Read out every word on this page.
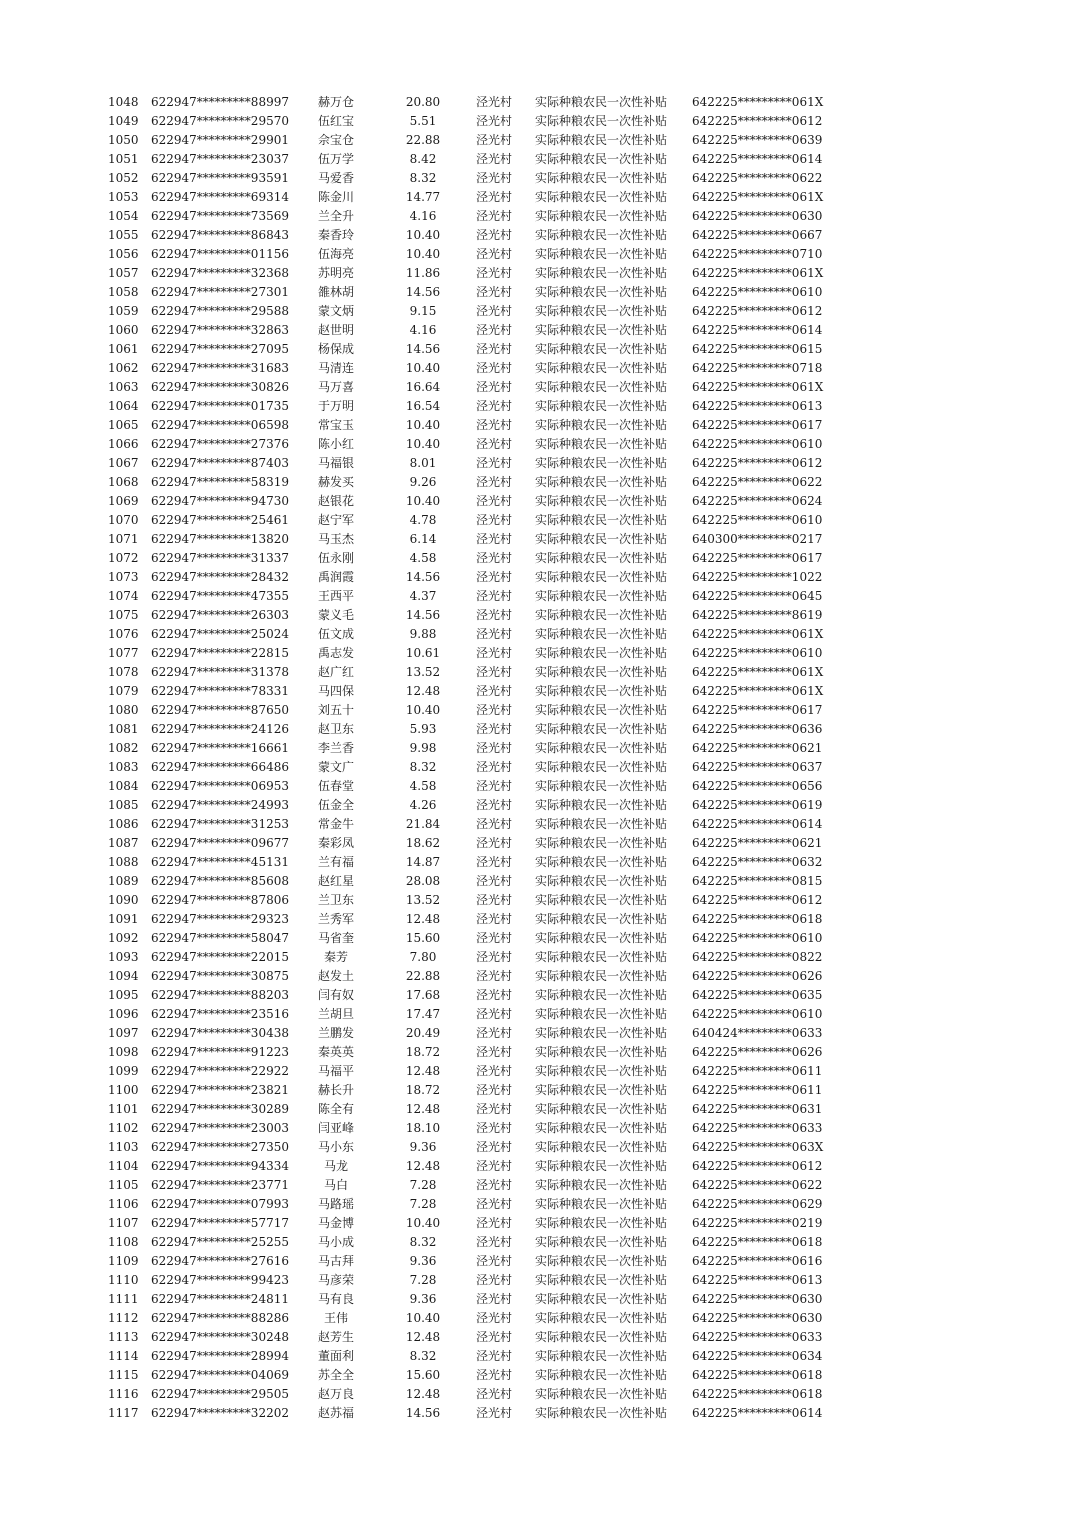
1048 622947*********88997	赫万仓	20.80	泾光村 实际种粮农民一次性补贴 642225*********061X
1049 622947*********29570	伍红宝	5.51	泾光村 实际种粮农民一次性补贴 642225*********0612
1050 622947*********29901	佘宝仓	22.88	泾光村 实际种粮农民一次性补贴 642225*********0639
1051 622947*********23037	伍万学	8.42	泾光村 实际种粮农民一次性补贴 642225*********0614
1052 622947*********93591	马爱香	8.32	泾光村 实际种粮农民一次性补贴 642225*********0622
1053 622947*********69314	陈金川	14.77	泾光村 实际种粮农民一次性补贴 642225*********061X
1054 622947*********73569	兰全升	4.16	泾光村 实际种粮农民一次性补贴 642225*********0630
1055 622947*********86843	秦香玲	10.40	泾光村 实际种粮农民一次性补贴 642225*********0667
1056 622947*********01156	伍海亮	10.40	泾光村 实际种粮农民一次性补贴 642225*********0710
1057 622947*********32368	苏明亮	11.86	泾光村 实际种粮农民一次性补贴 642225*********061X
1058 622947*********27301	雒林胡	14.56	泾光村 实际种粮农民一次性补贴 642225*********0610
1059 622947*********29588	蒙文炳	9.15	泾光村 实际种粮农民一次性补贴 642225*********0612
1060 622947*********32863	赵世明	4.16	泾光村 实际种粮农民一次性补贴 642225*********0614
1061 622947*********27095	杨保成	14.56	泾光村 实际种粮农民一次性补贴 642225*********0615
1062 622947*********31683	马清连	10.40	泾光村 实际种粮农民一次性补贴 642225*********0718
1063 622947*********30826	马万喜	16.64	泾光村 实际种粮农民一次性补贴 642225*********061X
1064 622947*********01735	于万明	16.54	泾光村 实际种粮农民一次性补贴 642225*********0613
1065 622947*********06598	常宝玉	10.40	泾光村 实际种粮农民一次性补贴 642225*********0617
1066 622947*********27376	陈小红	10.40	泾光村 实际种粮农民一次性补贴 642225*********0610
1067 622947*********87403	马福银	8.01	泾光村 实际种粮农民一次性补贴 642225*********0612
1068 622947*********58319	赫发买	9.26	泾光村 实际种粮农民一次性补贴 642225*********0622
1069 622947*********94730	赵银花	10.40	泾光村 实际种粮农民一次性补贴 642225*********0624
1070 622947*********25461	赵宁军	4.78	泾光村 实际种粮农民一次性补贴 642225*********0610
1071 622947*********13820	马玉杰	6.14	泾光村 实际种粮农民一次性补贴 640300*********0217
1072 622947*********31337	伍永刚	4.58	泾光村 实际种粮农民一次性补贴 642225*********0617
1073 622947*********28432	禹润霞	14.56	泾光村 实际种粮农民一次性补贴 642225*********1022
1074 622947*********47355	王西平	4.37	泾光村 实际种粮农民一次性补贴 642225*********0645
1075 622947*********26303	蒙义毛	14.56	泾光村 实际种粮农民一次性补贴 642225*********8619
1076 622947*********25024	伍文成	9.88	泾光村 实际种粮农民一次性补贴 642225*********061X
1077 622947*********22815	禹志发	10.61	泾光村 实际种粮农民一次性补贴 642225*********0610
1078 622947*********31378	赵广红	13.52	泾光村 实际种粮农民一次性补贴 642225*********061X
1079 622947*********78331	马四保	12.48	泾光村 实际种粮农民一次性补贴 642225*********061X
1080 622947*********87650	刘五十	10.40	泾光村 实际种粮农民一次性补贴 642225*********0617
1081 622947*********24126	赵卫东	5.93	泾光村 实际种粮农民一次性补贴 642225*********0636
1082 622947*********16661	李兰香	9.98	泾光村 实际种粮农民一次性补贴 642225*********0621
1083 622947*********66486	蒙文广	8.32	泾光村 实际种粮农民一次性补贴 642225*********0637
1084 622947*********06953	伍春堂	4.58	泾光村 实际种粮农民一次性补贴 642225*********0656
1085 622947*********24993	伍金全	4.26	泾光村 实际种粮农民一次性补贴 642225*********0619
1086 622947*********31253	常金牛	21.84	泾光村 实际种粮农民一次性补贴 642225*********0614
1087 622947*********09677	秦彩凤	18.62	泾光村 实际种粮农民一次性补贴 642225*********0621
1088 622947*********45131	兰有福	14.87	泾光村 实际种粮农民一次性补贴 642225*********0632
1089 622947*********85608	赵红星	28.08	泾光村 实际种粮农民一次性补贴 642225*********0815
1090 622947*********87806	兰卫东	13.52	泾光村 实际种粮农民一次性补贴 642225*********0612
1091 622947*********29323	兰秀军	12.48	泾光村 实际种粮农民一次性补贴 642225*********0618
1092 622947*********58047	马省奎	15.60	泾光村 实际种粮农民一次性补贴 642225*********0610
1093 622947*********22015	秦芳	7.80	泾光村 实际种粮农民一次性补贴 642225*********0822
1094 622947*********30875	赵发土	22.88	泾光村 实际种粮农民一次性补贴 642225*********0626
1095 622947*********88203	闫有奴	17.68	泾光村 实际种粮农民一次性补贴 642225*********0635
1096 622947*********23516	兰胡旦	17.47	泾光村 实际种粮农民一次性补贴 642225*********0610
1097 622947*********30438	兰鹏发	20.49	泾光村 实际种粮农民一次性补贴 640424*********0633
1098 622947*********91223	秦英英	18.72	泾光村 实际种粮农民一次性补贴 642225*********0626
1099 622947*********22922	马福平	12.48	泾光村 实际种粮农民一次性补贴 642225*********0611
1100 622947*********23821	赫长升	18.72	泾光村 实际种粮农民一次性补贴 642225*********0611
1101 622947*********30289	陈全有	12.48	泾光村 实际种粮农民一次性补贴 642225*********0631
1102 622947*********23003	闫亚峰	18.10	泾光村 实际种粮农民一次性补贴 642225*********0633
1103 622947*********27350	马小东	9.36	泾光村 实际种粮农民一次性补贴 642225*********063X
1104 622947*********94334	马龙	12.48	泾光村 实际种粮农民一次性补贴 642225*********0612
1105 622947*********23771	马白	7.28	泾光村 实际种粮农民一次性补贴 642225*********0622
1106 622947*********07993	马路瑶	7.28	泾光村 实际种粮农民一次性补贴 642225*********0629
1107 622947*********57717	马金博	10.40	泾光村 实际种粮农民一次性补贴 642225*********0219
1108 622947*********25255	马小成	8.32	泾光村 实际种粮农民一次性补贴 642225*********0618
1109 622947*********27616	马古拜	9.36	泾光村 实际种粮农民一次性补贴 642225*********0616
1110 622947*********99423	马彦荣	7.28	泾光村 实际种粮农民一次性补贴 642225*********0613
1111 622947*********24811	马有良	9.36	泾光村 实际种粮农民一次性补贴 642225*********0630
1112 622947*********88286	王伟	10.40	泾光村 实际种粮农民一次性补贴 642225*********0630
1113 622947*********30248	赵芳生	12.48	泾光村 实际种粮农民一次性补贴 642225*********0633
1114 622947*********28994	董面利	8.32	泾光村 实际种粮农民一次性补贴 642225*********0634
1115 622947*********04069	苏全全	15.60	泾光村 实际种粮农民一次性补贴 642225*********0618
1116 622947*********29505	赵万良	12.48	泾光村 实际种粮农民一次性补贴 642225*********0618
1117 622947*********32202	赵苏福	14.56	泾光村 实际种粮农民一次性补贴 642225*********0614
